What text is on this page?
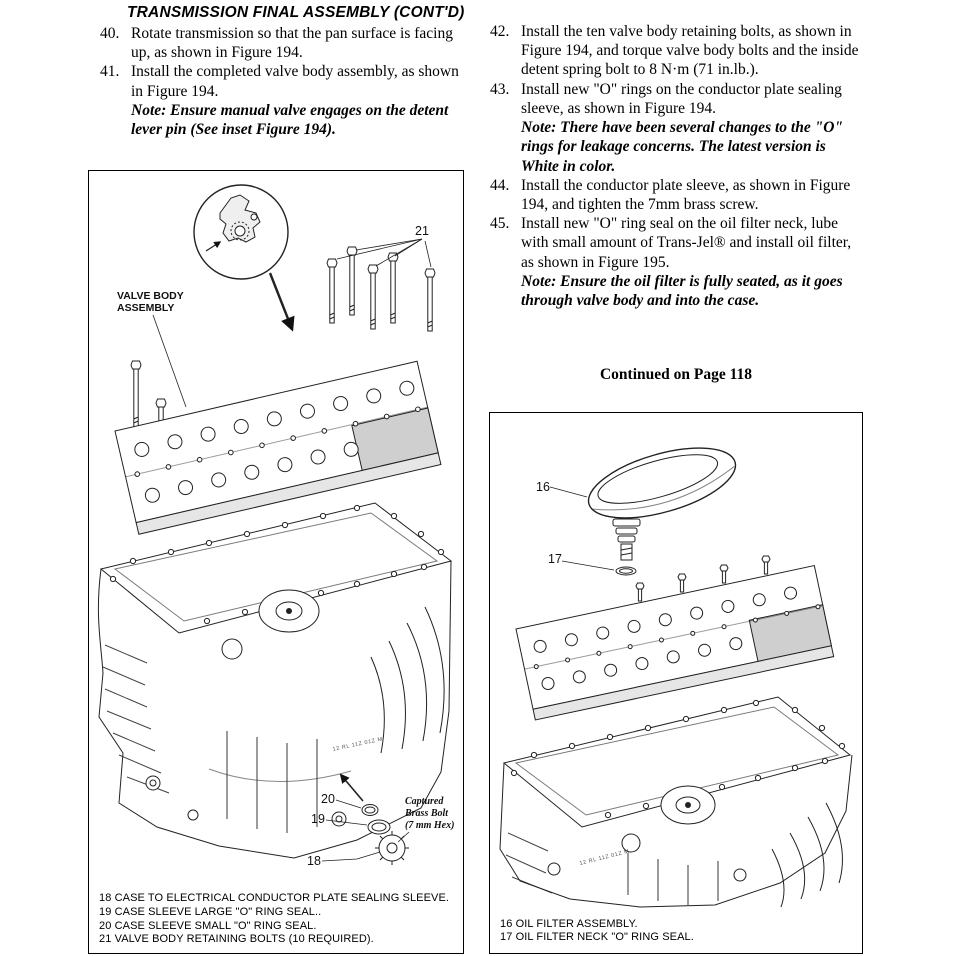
TRANSMISSION FINAL ASSEMBLY (CONT'D)
40. Rotate transmission so that the pan surface is facing up, as shown in Figure 194.
41. Install the completed valve body assembly, as shown in Figure 194.
Note: Ensure manual valve engages on the detent lever pin (See inset Figure 194).
42. Install the ten valve body retaining bolts, as shown in Figure 194, and torque valve body bolts and the inside detent spring bolt to 8 N·m (71 in.lb.).
43. Install new "O" rings on the conductor plate sealing sleeve, as shown in Figure 194.
Note: There have been several changes to the "O" rings for leakage concerns. The latest version is White in color.
44. Install the conductor plate sleeve, as shown in Figure 194, and tighten the 7mm brass screw.
45. Install new "O" ring seal on the oil filter neck, lube with small amount of Trans-Jel® and install oil filter, as shown in Figure 195.
Note: Ensure the oil filter is fully seated, as it goes through valve body and into the case.
Continued on Page 118
21
VALVE BODY
ASSEMBLY
20
19
18
Captured
Brass Bolt
(7 mm Hex)
12 RL 11Z 01Z M
18 CASE TO ELECTRICAL CONDUCTOR PLATE SEALING SLEEVE.
19 CASE SLEEVE LARGE "O" RING SEAL..
20 CASE SLEEVE SMALL "O" RING SEAL.
21 VALVE BODY RETAINING BOLTS (10 REQUIRED).
16
17
12 RL 11Z 01Z M
16 OIL FILTER ASSEMBLY.
17 OIL FILTER NECK "O" RING SEAL.
